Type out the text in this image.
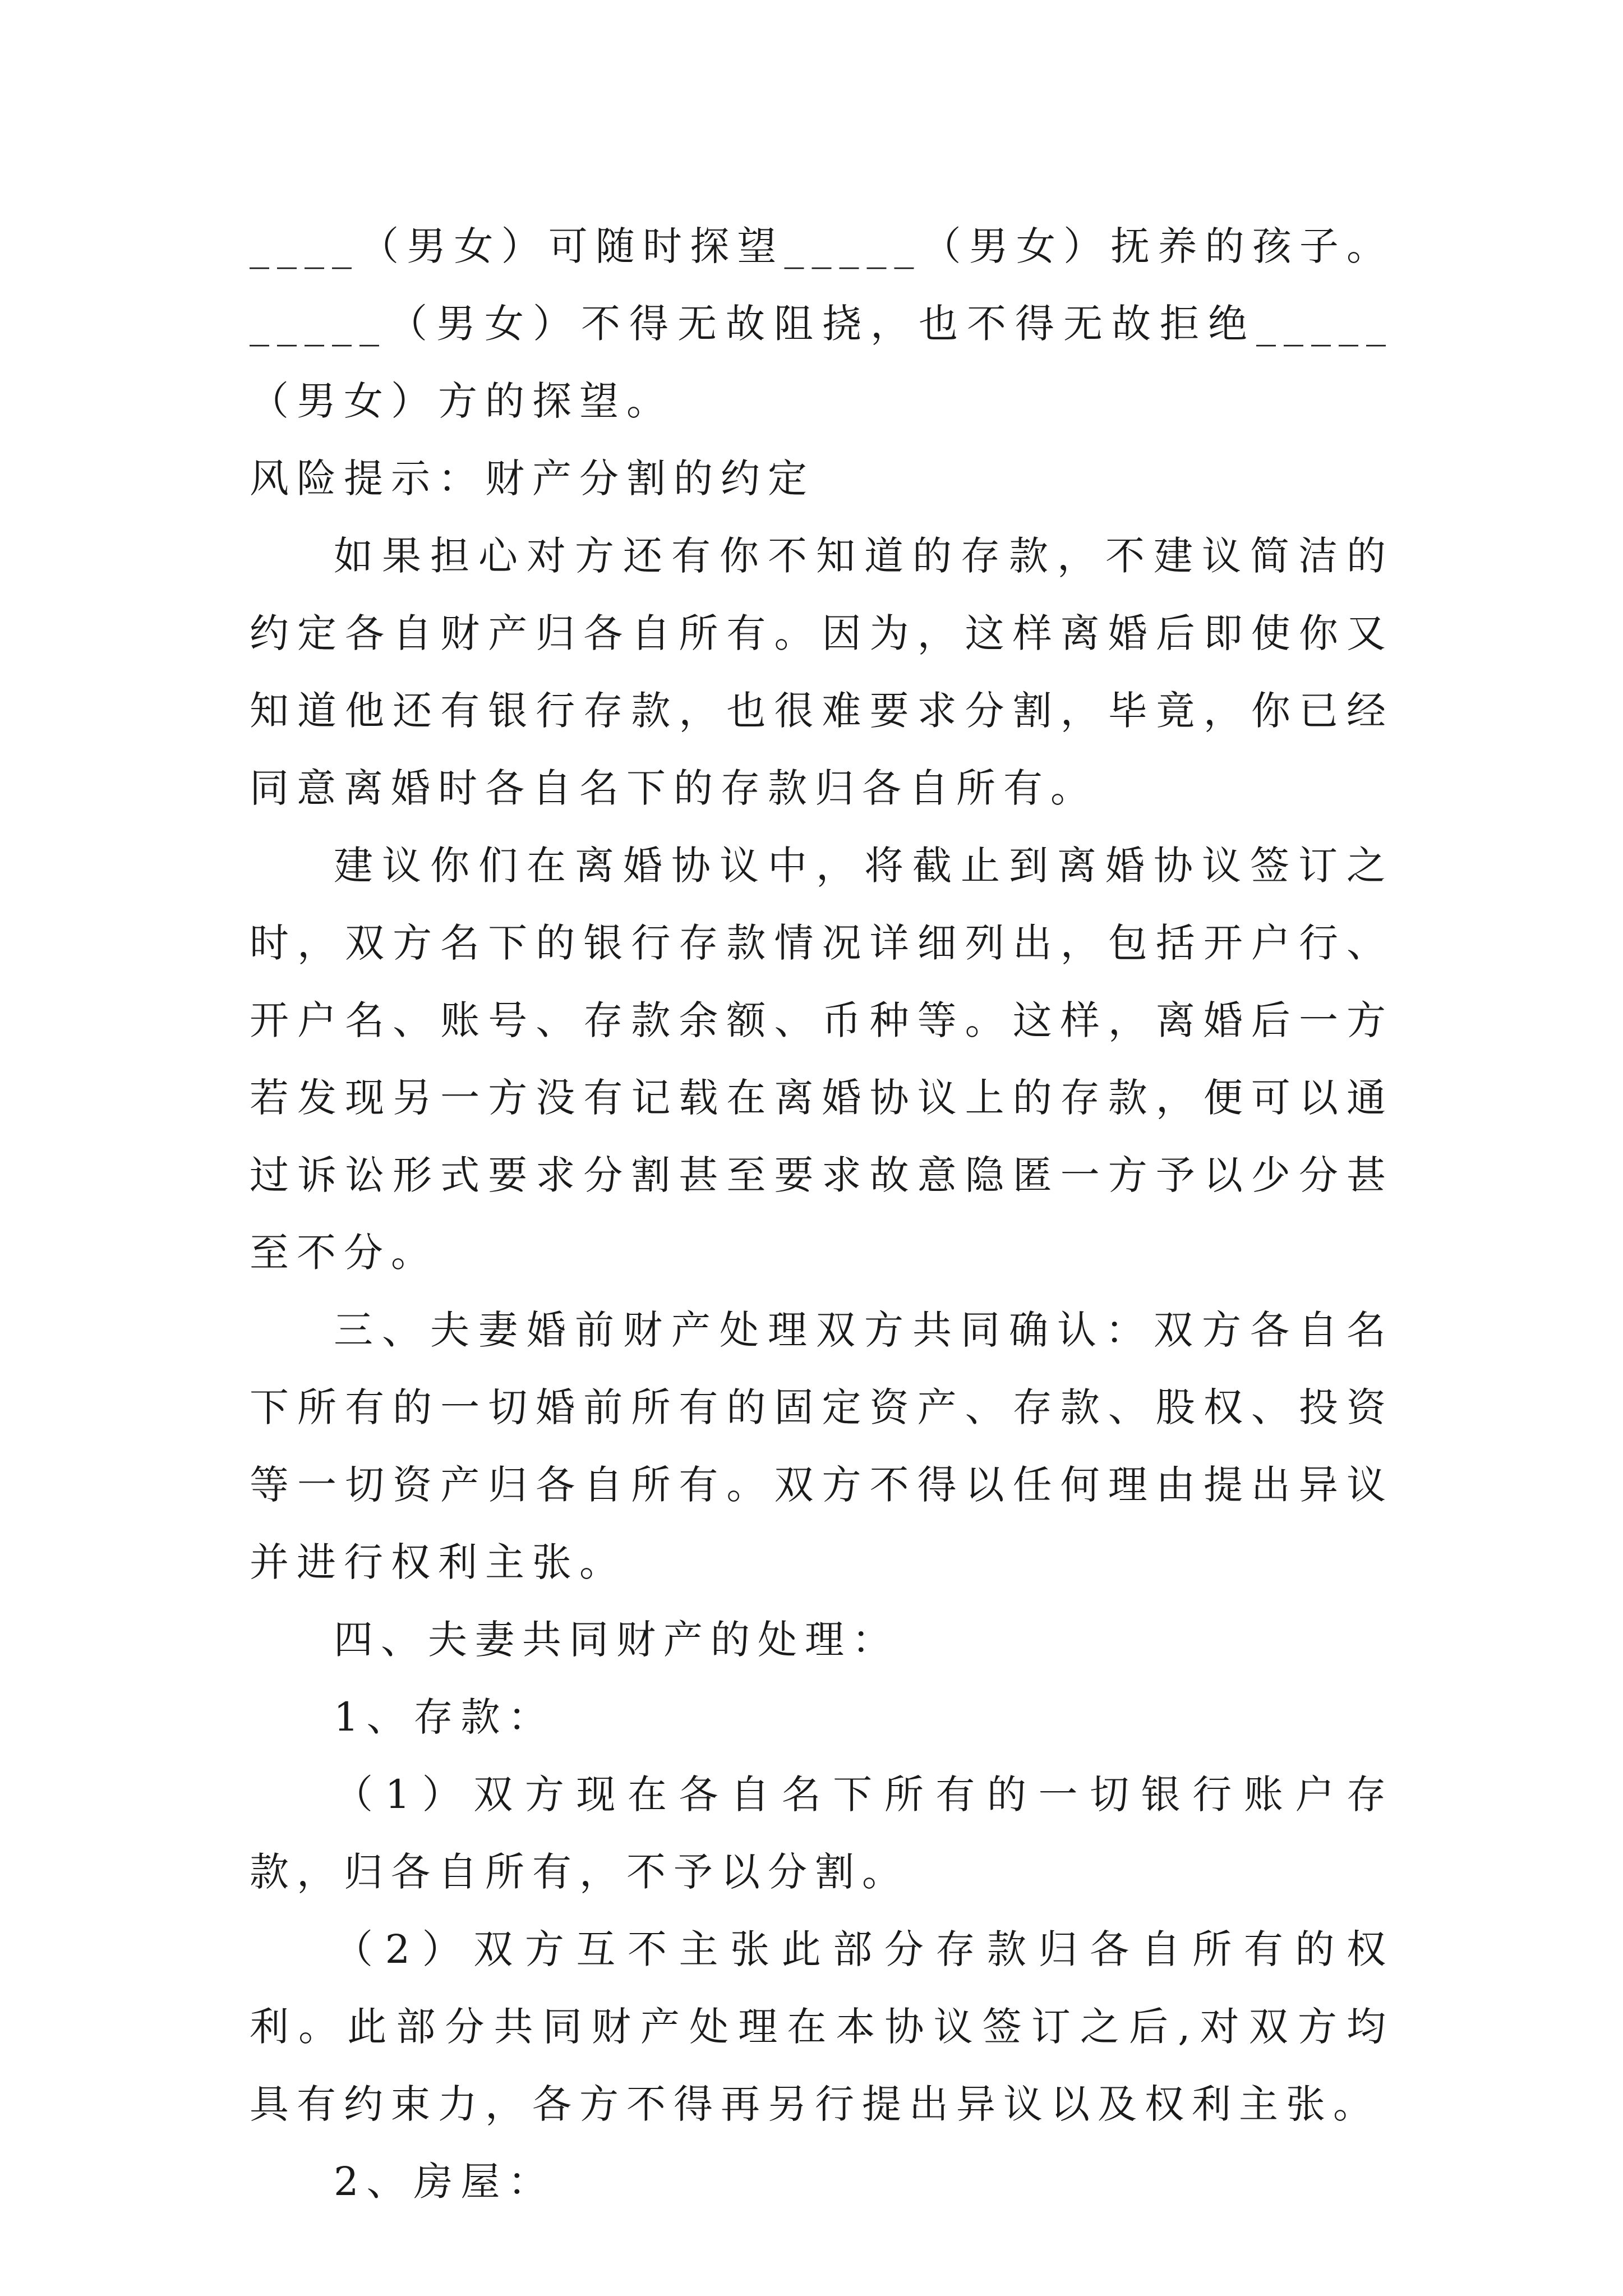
____（男女）可随时探望_____（男女）抚养的孩子。_____（男女）不得无故阻挠，也不得无故拒绝_____（男女）方的探望。

风险提示：财产分割的约定

如果担心对方还有你不知道的存款，不建议简洁的约定各自财产归各自所有。因为，这样离婚后即使你又知道他还有银行存款，也很难要求分割，毕竟，你已经同意离婚时各自名下的存款归各自所有。

建议你们在离婚协议中，将截止到离婚协议签订之时，双方名下的银行存款情况详细列出，包括开户行、开户名、账号、存款余额、币种等。这样，离婚后一方若发现另一方没有记载在离婚协议上的存款，便可以通过诉讼形式要求分割甚至要求故意隐匿一方予以少分甚至不分。

三、夫妻婚前财产处理双方共同确认：双方各自名下所有的一切婚前所有的固定资产、存款、股权、投资等一切资产归各自所有。双方不得以任何理由提出异议并进行权利主张。

四、夫妻共同财产的处理：

1、存款：

（1）双方现在各自名下所有的一切银行账户存款，归各自所有，不予以分割。

（2）双方互不主张此部分存款归各自所有的权利。此部分共同财产处理在本协议签订之后,对双方均具有约束力，各方不得再另行提出异议以及权利主张。

2、房屋：
